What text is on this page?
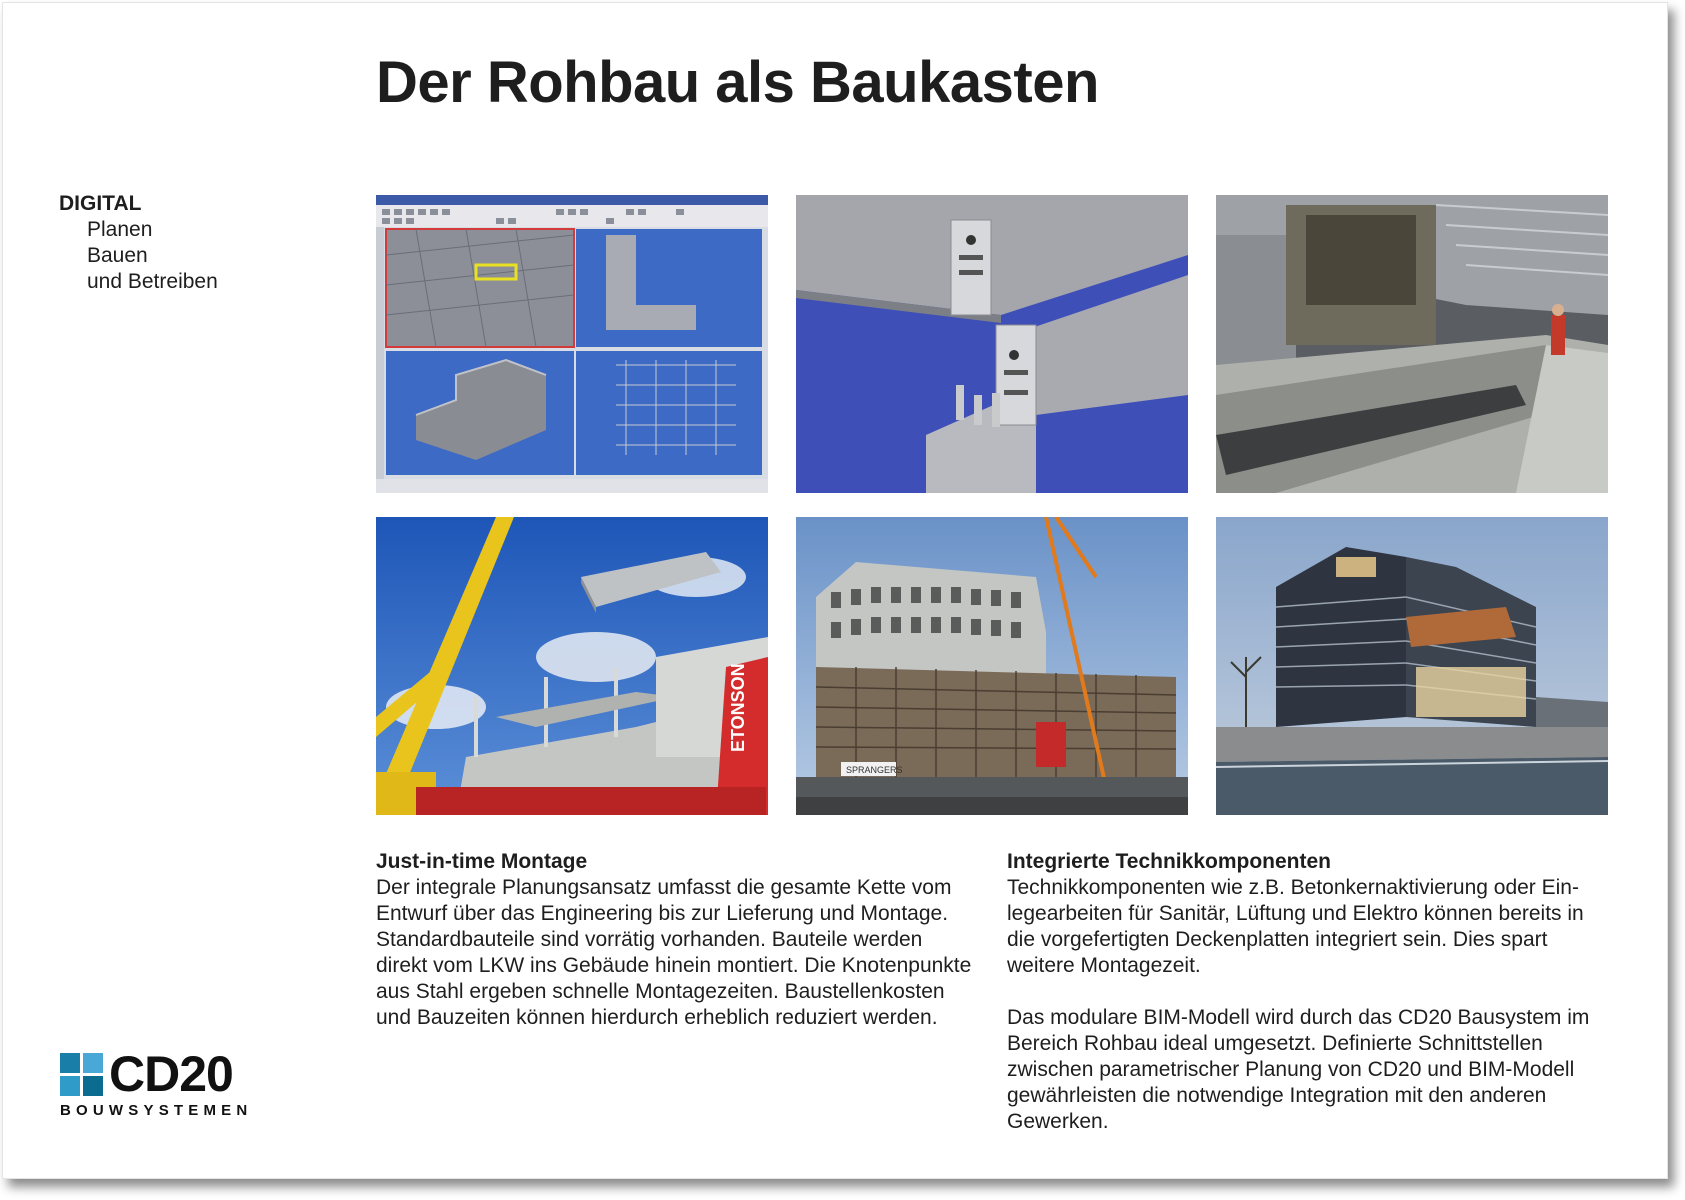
Der Rohbau als Baukasten
DIGITAL
Planen
Bauen
und Betreiben
ETONSON
SPRANGERS
Just-in-time Montage

Der integrale Planungsansatz umfasst die gesamte Kette vom Entwurf über das Engineering bis zur Lieferung und Montage. Standardbauteile sind vorrätig vorhanden. Bauteile werden direkt vom LKW ins Gebäude hinein montiert. Die Knotenpunkte aus Stahl ergeben schnelle Montagezeiten. Baustellenkosten und Bauzeiten können hierdurch erheblich reduziert werden.

Integrierte Technikkomponenten

Technikkomponenten wie z.B. Betonkernaktivierung oder Ein-legearbeiten für Sanitär, Lüftung und Elektro können bereits in die vorgefertigten Deckenplatten integriert sein. Dies spart weitere Montagezeit.

Das modulare BIM-Modell wird durch das CD20 Bausystem im Bereich Rohbau ideal umgesetzt. Definierte Schnittstellen zwischen parametrischer Planung von CD20 und BIM-Modell gewährleisten die notwendige Integration mit den anderen Gewerken.

CD20
BOUWSYSTEMEN
